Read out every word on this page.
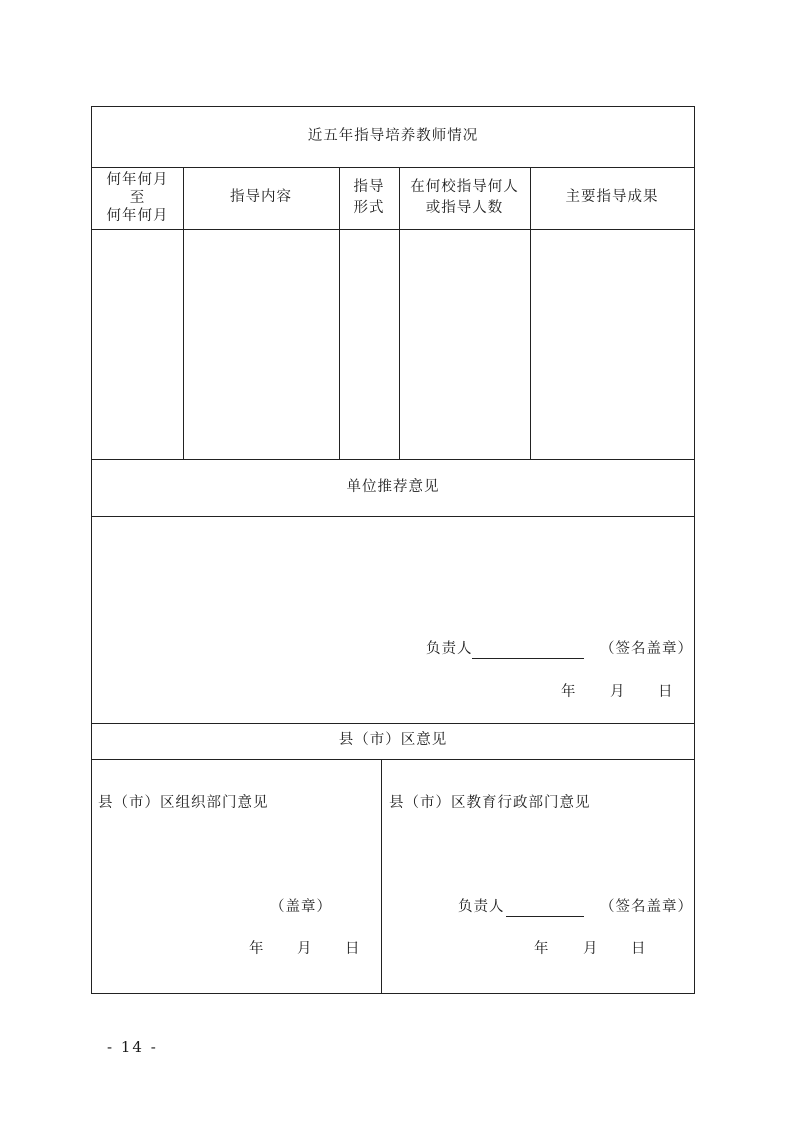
近五年指导培养教师情况
何年何月
至
何年何月
指导内容
指导
形式
在何校指导何人
或指导人数
主要指导成果
单位推荐意见
负责人	（签名盖章）
年 月 日
县（市）区意见
县（市）区组织部门意见
（盖章）
年 月 日
县（市）区教育行政部门意见
负责人	（签名盖章）
年 月 日
- 14 -
